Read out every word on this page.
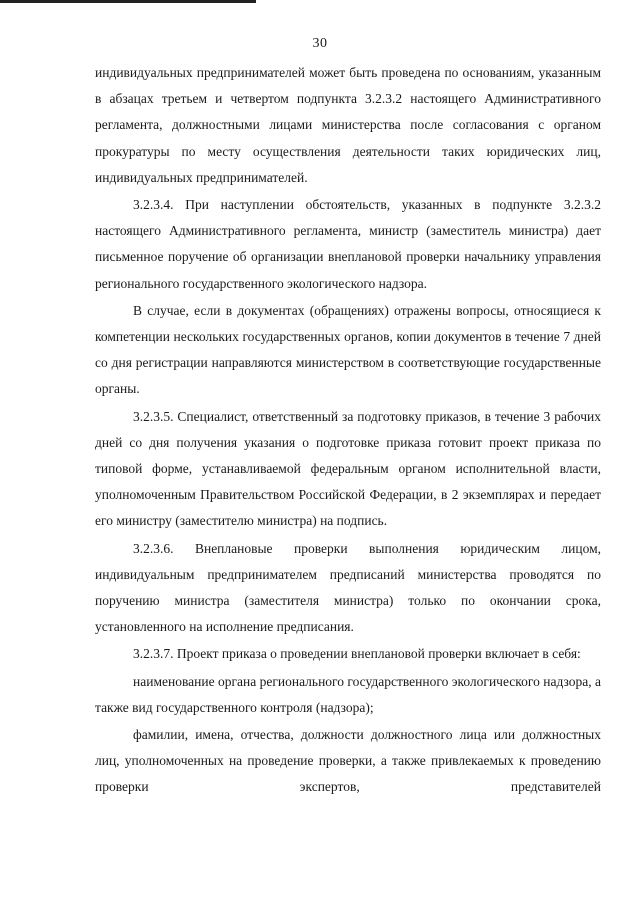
30

индивидуальных предпринимателей может быть проведена по основаниям, указанным в абзацах третьем и четвертом подпункта 3.2.3.2 настоящего Административного регламента, должностными лицами министерства после согласования с органом прокуратуры по месту осуществления деятельности таких юридических лиц, индивидуальных предпринимателей.

3.2.3.4. При наступлении обстоятельств, указанных в подпункте 3.2.3.2 настоящего Административного регламента, министр (заместитель министра) дает письменное поручение об организации внеплановой проверки начальнику управления регионального государственного экологического надзора.

В случае, если в документах (обращениях) отражены вопросы, относящиеся к компетенции нескольких государственных органов, копии документов в течение 7 дней со дня регистрации направляются министерством в соответствующие государственные органы.

3.2.3.5. Специалист, ответственный за подготовку приказов, в течение 3 рабочих дней со дня получения указания о подготовке приказа готовит проект приказа по типовой форме, устанавливаемой федеральным органом исполнительной власти, уполномоченным Правительством Российской Федерации, в 2 экземплярах и передает его министру (заместителю министра) на подпись.

3.2.3.6. Внеплановые проверки выполнения юридическим лицом, индивидуальным предпринимателем предписаний министерства проводятся по поручению министра (заместителя министра) только по окончании срока, установленного на исполнение предписания.

3.2.3.7. Проект приказа о проведении внеплановой проверки включает в себя:

наименование органа регионального государственного экологического надзора, а также вид государственного контроля (надзора);

фамилии, имена, отчества, должности должностного лица или должностных лиц, уполномоченных на проведение проверки, а также привлекаемых к проведению проверки экспертов, представителей
